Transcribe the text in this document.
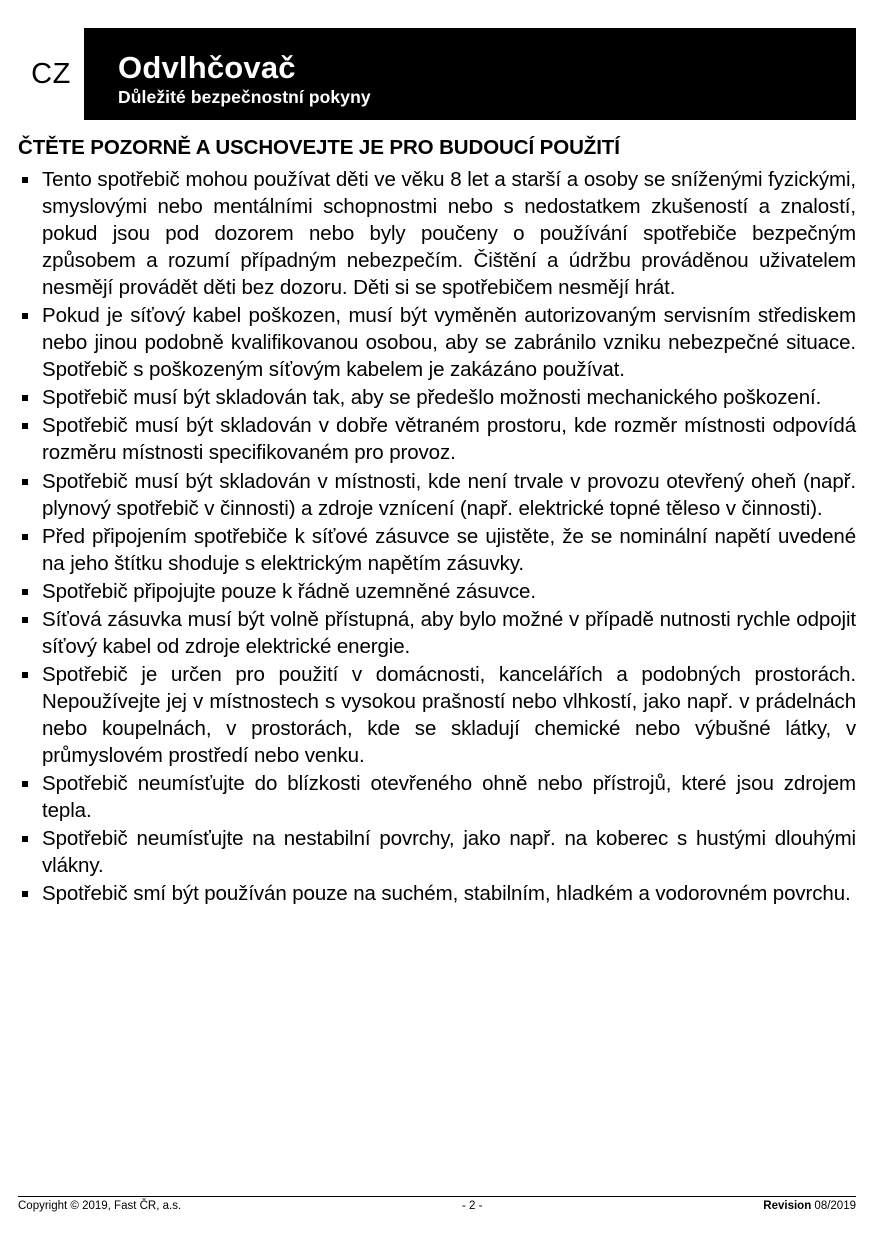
CZ	Odvlhčovač
Důležité bezpečnostní pokyny

ČTĚTE POZORNĚ A USCHOVEJTE JE PRO BUDOUCÍ POUŽITÍ

Tento spotřebič mohou používat děti ve věku 8 let a starší a osoby se sníženými fyzickými, smyslovými nebo mentálními schopnostmi nebo s nedostatkem zkušeností a znalostí, pokud jsou pod dozorem nebo byly poučeny o používání spotřebiče bezpečným způsobem a rozumí případným nebezpečím. Čištění a údržbu prováděnou uživatelem nesmějí provádět děti bez dozoru. Děti si se spotřebičem nesmějí hrát.
Pokud je síťový kabel poškozen, musí být vyměněn autorizovaným servisním střediskem nebo jinou podobně kvalifikovanou osobou, aby se zabránilo vzniku nebezpečné situace. Spotřebič s poškozeným síťovým kabelem je zakázáno používat.
Spotřebič musí být skladován tak, aby se předešlo možnosti mechanického poškození.
Spotřebič musí být skladován v dobře větraném prostoru, kde rozměr místnosti odpovídá rozměru místnosti specifikovaném pro provoz.
Spotřebič musí být skladován v místnosti, kde není trvale v provozu otevřený oheň (např. plynový spotřebič v činnosti) a zdroje vznícení (např. elektrické topné těleso v činnosti).
Před připojením spotřebiče k síťové zásuvce se ujistěte, že se nominální napětí uvedené na jeho štítku shoduje s elektrickým napětím zásuvky.
Spotřebič připojujte pouze k řádně uzemněné zásuvce.
Síťová zásuvka musí být volně přístupná, aby bylo možné v případě nutnosti rychle odpojit síťový kabel od zdroje elektrické energie.
Spotřebič je určen pro použití v domácnosti, kancelářích a podobných prostorách. Nepoužívejte jej v místnostech s vysokou prašností nebo vlhkostí, jako např. v prádelnách nebo koupelnách, v prostorách, kde se skladují chemické nebo výbušné látky, v průmyslovém prostředí nebo venku.
Spotřebič neumísťujte do blízkosti otevřeného ohně nebo přístrojů, které jsou zdrojem tepla.
Spotřebič neumísťujte na nestabilní povrchy, jako např. na koberec s hustými dlouhými vlákny.
Spotřebič smí být používán pouze na suchém, stabilním, hladkém a vodorovném povrchu.
Copyright © 2019, Fast ČR, a.s.	- 2 -	Revision 08/2019
